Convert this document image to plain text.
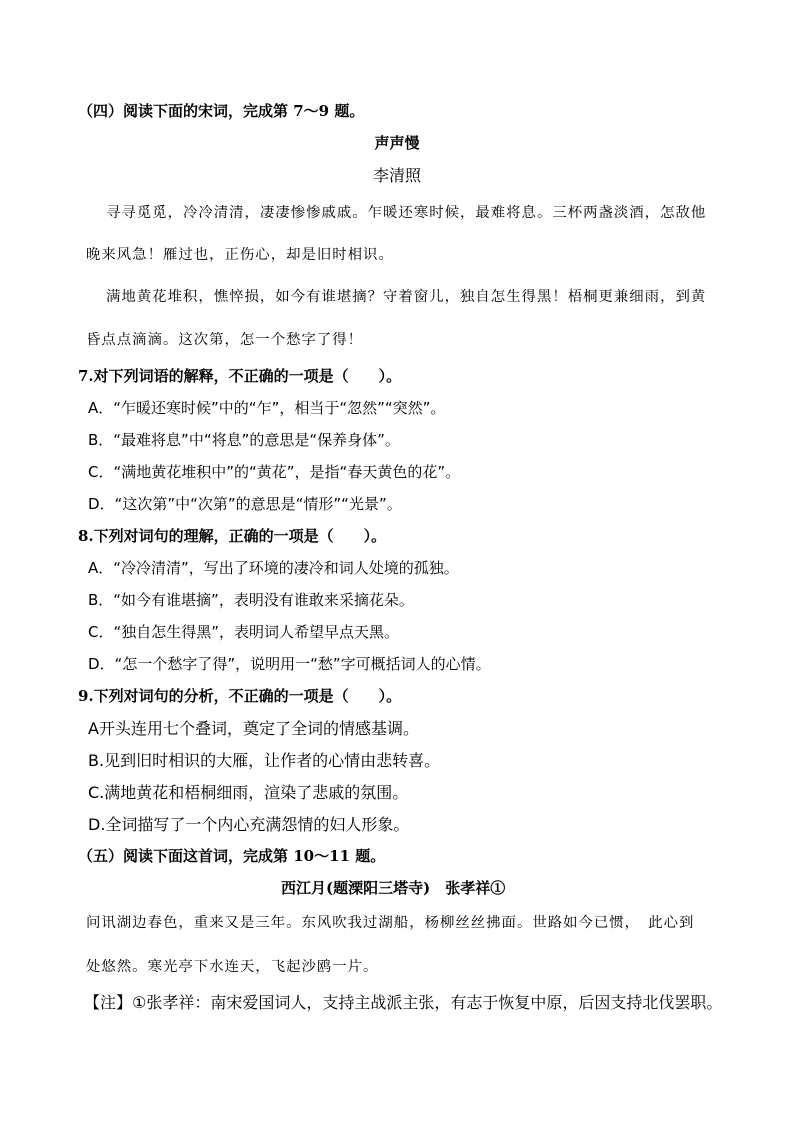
（四）阅读下面的宋词，完成第 7～9 题。
声声慢
李清照
寻寻觅觅，冷冷清清，凄凄惨惨戚戚。乍暖还寒时候，最难将息。三杯两盏淡酒，怎敌他
晚来风急！雁过也，正伤心，却是旧时相识。
满地黄花堆积，憔悴损，如今有谁堪摘？守着窗儿，独自怎生得黑！梧桐更兼细雨，到黄
昏点点滴滴。这次第，怎一个愁字了得！
7.对下列词语的解释，不正确的一项是（　　）。
A．“乍暖还寒时候”中的“乍”，相当于“忽然”“突然”。
B．“最难将息”中“将息”的意思是“保养身体”。
C．“满地黄花堆积中”的“黄花”，是指“春天黄色的花”。
D．“这次第”中“次第”的意思是“情形”“光景”。
8.下列对词句的理解，正确的一项是（　　）。
A．“冷冷清清”，写出了环境的凄冷和词人处境的孤独。
B．“如今有谁堪摘”，表明没有谁敢来采摘花朵。
C．“独自怎生得黑”，表明词人希望早点天黑。
D．“怎一个愁字了得”，说明用一“愁”字可概括词人的心情。
9.下列对词句的分析，不正确的一项是（　　）。
A开头连用七个叠词，奠定了全词的情感基调。
B.见到旧时相识的大雁，让作者的心情由悲转喜。
C.满地黄花和梧桐细雨，渲染了悲戚的氛围。
D.全词描写了一个内心充满怨情的妇人形象。
（五）阅读下面这首词，完成第 10～11 题。
西江月(题溧阳三塔寺)　张孝祥①
问讯湖边春色，重来又是三年。东风吹我过湖船，杨柳丝丝拂面。世路如今已惯，　此心到
处悠然。寒光亭下水连天，飞起沙鸥一片。
【注】①张孝祥：南宋爱国词人，支持主战派主张，有志于恢复中原，后因支持北伐罢职。
